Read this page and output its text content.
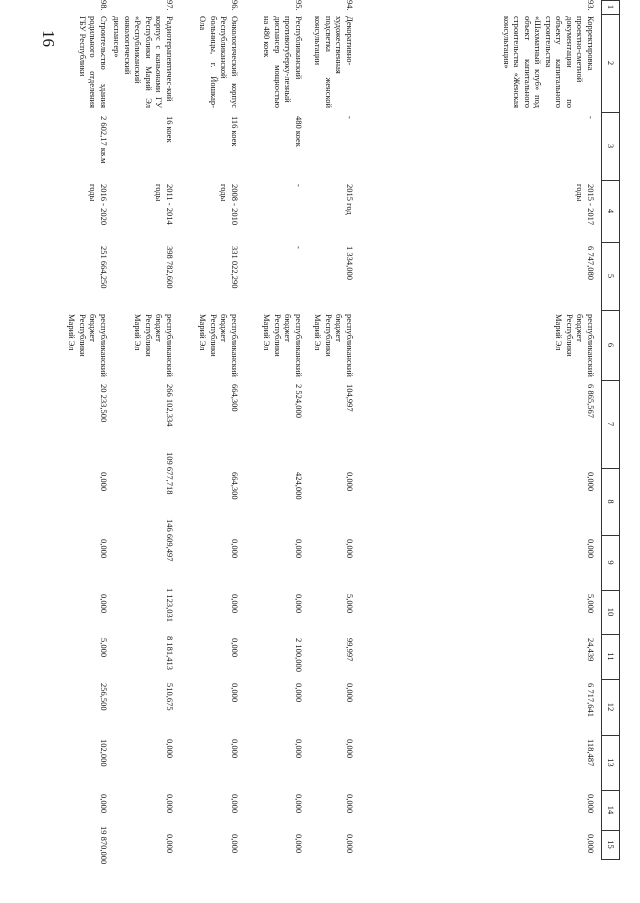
16
1
2
3
4
5
6
7
8
9
10
11
12
13
14
15
93.
Корректировка проектно-сметной документации по объекту капитального строительства «Шахматный клуб» под объект капитального строительства «Женская консультация»
-
2015 - 2017 годы
6 747,080
республиканский бюджет Республики Марий Эл
6 865,567
0,000
0,000
5,000
24,439
6 717,641
118,487
0,000
0,000
94.
Декоративно-художественная подсветка женской консультации
-
2015 год
1 334,000
республиканский бюджет Республики Марий Эл
104,997
0,000
0,000
5,000
99,997
0,000
0,000
0,000
0,000
95.
Республиканский противотуберку-лезный диспансер мощностью на 480 коек
480 коек
-
-
республиканский бюджет Республики Марий Эл
2 524,000
424,000
0,000
0,000
2 100,000
0,000
0,000
0,000
0,000
96.
Онкологический корпус Республиканской больницы, г. Йошкар-Ола
116 коек
2008 - 2010 годы
331 022,290
республиканский бюджет Республики Марий Эл
664,300
664,300
0,000
0,000
0,000
0,000
0,000
0,000
0,000
97.
Радиотерапевтичес-кий корпус с каньонами ГУ Республики Марий Эл «Республиканский онкологический диспансер»
16 коек
2011 - 2014 годы
398 782,600
республиканский бюджет Республики Марий Эл
266 102,334
109 677,718
146 609,497
1 123,031
8 181,413
510,675
0,000
0,000
0,000
98.
Строительство здания родильного отделения ГБУ Республики
2 602,17 кв.м
2016 - 2020 годы
251 664,250
республиканский бюджет Республики Марий Эл
20 233,500
0,000
0,000
0,000
5,000
256,500
102,000
0,000
19 870,000
